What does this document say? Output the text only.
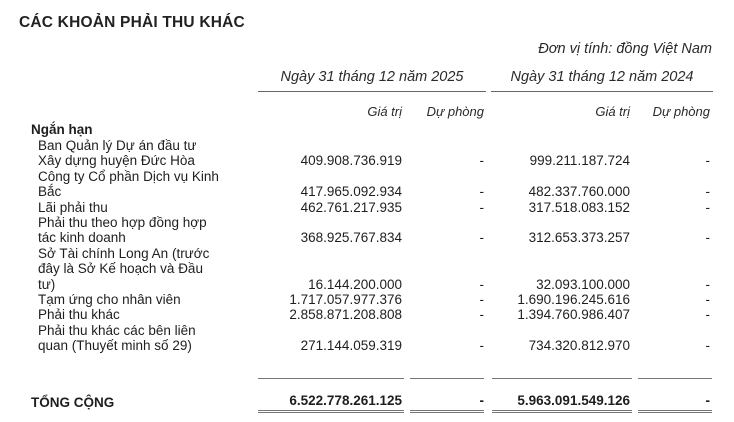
CÁC KHOẢN PHẢI THU KHÁC
Đơn vị tính: đồng Việt Nam
Ngày 31 tháng 12 năm 2025	Ngày 31 tháng 12 năm 2024
Giá trị Dự phòng	Giá trị Dự phòng
Ngắn hạn
Ban Quản lý Dự án đầu tư
Xây dựng huyện Đức Hòa	409.908.736.919	-	999.211.187.724	-
Công ty Cổ phần Dịch vụ Kinh
Bắc	417.965.092.934	-	482.337.760.000	-
Lãi phải thu	462.761.217.935	-	317.518.083.152	-
Phải thu theo hợp đồng hợp
tác kinh doanh	368.925.767.834	-	312.653.373.257	-
Sở Tài chính Long An (trước
đây là Sở Kế hoạch và Đầu
tư)	16.144.200.000	-	32.093.100.000	-
Tạm ứng cho nhân viên	1.717.057.977.376	- 1.690.196.245.616	-
Phải thu khác	2.858.871.208.808	- 1.394.760.986.407	-
Phải thu khác các bên liên
quan (Thuyết minh số 29)	271.144.059.319	-	734.320.812.970	-
TỔNG CỘNG	6.522.778.261.125	- 5.963.091.549.126	-
